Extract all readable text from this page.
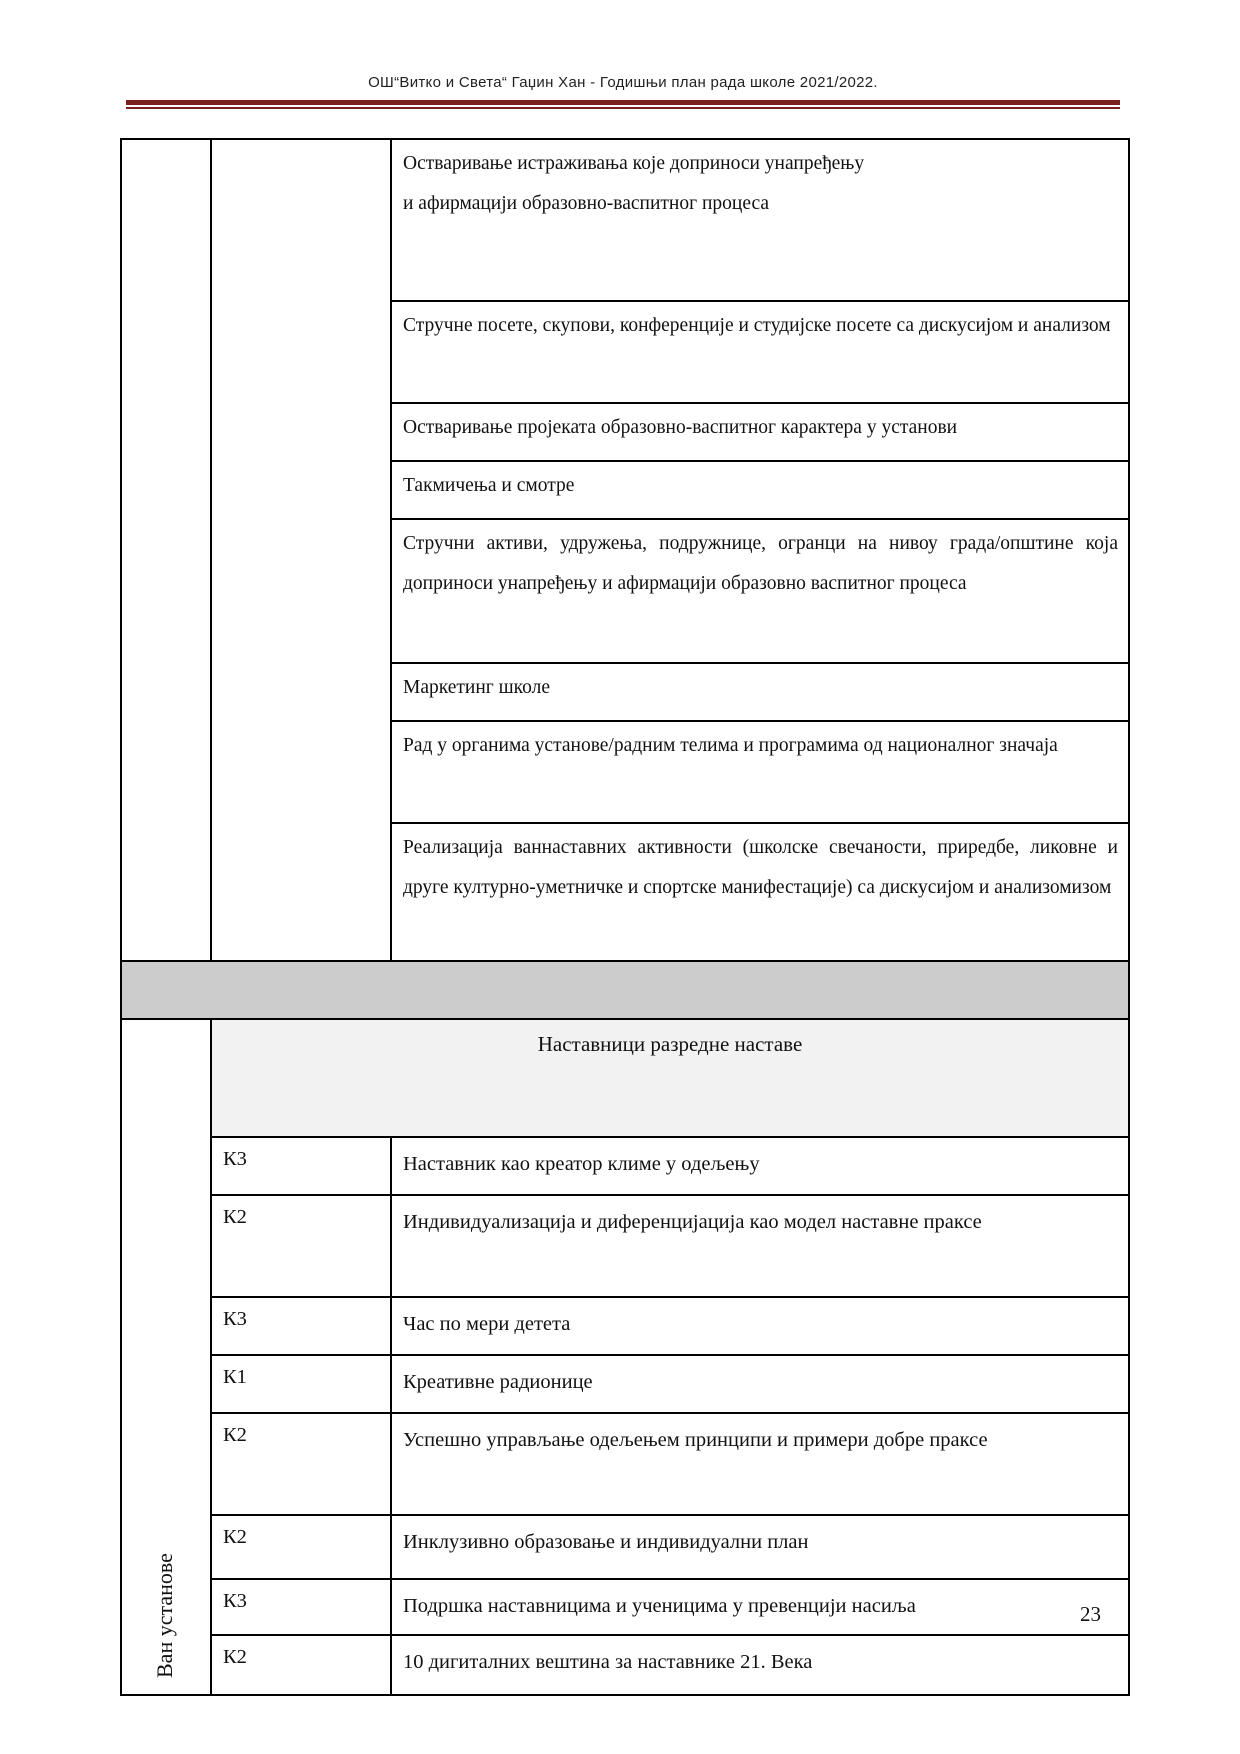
ОШ“Витко и Света“ Гаџин Хан - Годишњи план рада школе 2021/2022.
Остваривање истраживања које доприноси унапређењу
и афирмацији образовно-васпитног процеса
Стручне посете, скупови, конференције и студијске посете са дискусијом и анализом
Остваривање пројеката образовно-васпитног карактера у установи
Такмичења и смотре
Стручни активи, удружења, подружнице, огранци на нивоу града/општине која доприноси унапређењу и афирмацији образовно васпитног процеса
Маркетинг школе
Рад у органима установе/радним телима и програмима од националног значаја
Реализација ваннаставних активности (школске свечаности, приредбе, ликовне и друге културно-уметничке и спортске манифестације) са дискусијом и анализомизом
Ван установе
Наставници разредне наставе
К3	Наставник као креатор климе у одељењу
К2	Индивидуализација и диференцијација као модел наставне праксе
К3	Час по мери детета
К1	Креативне радионице
К2	Успешно управљање одељењем принципи и примери добре праксе
К2	Инклузивно образовање и индивидуални план
К3	Подршка наставницима и ученицима у превенцији насиља
К2	10 дигиталних вештина за наставнике 21. Века
23
